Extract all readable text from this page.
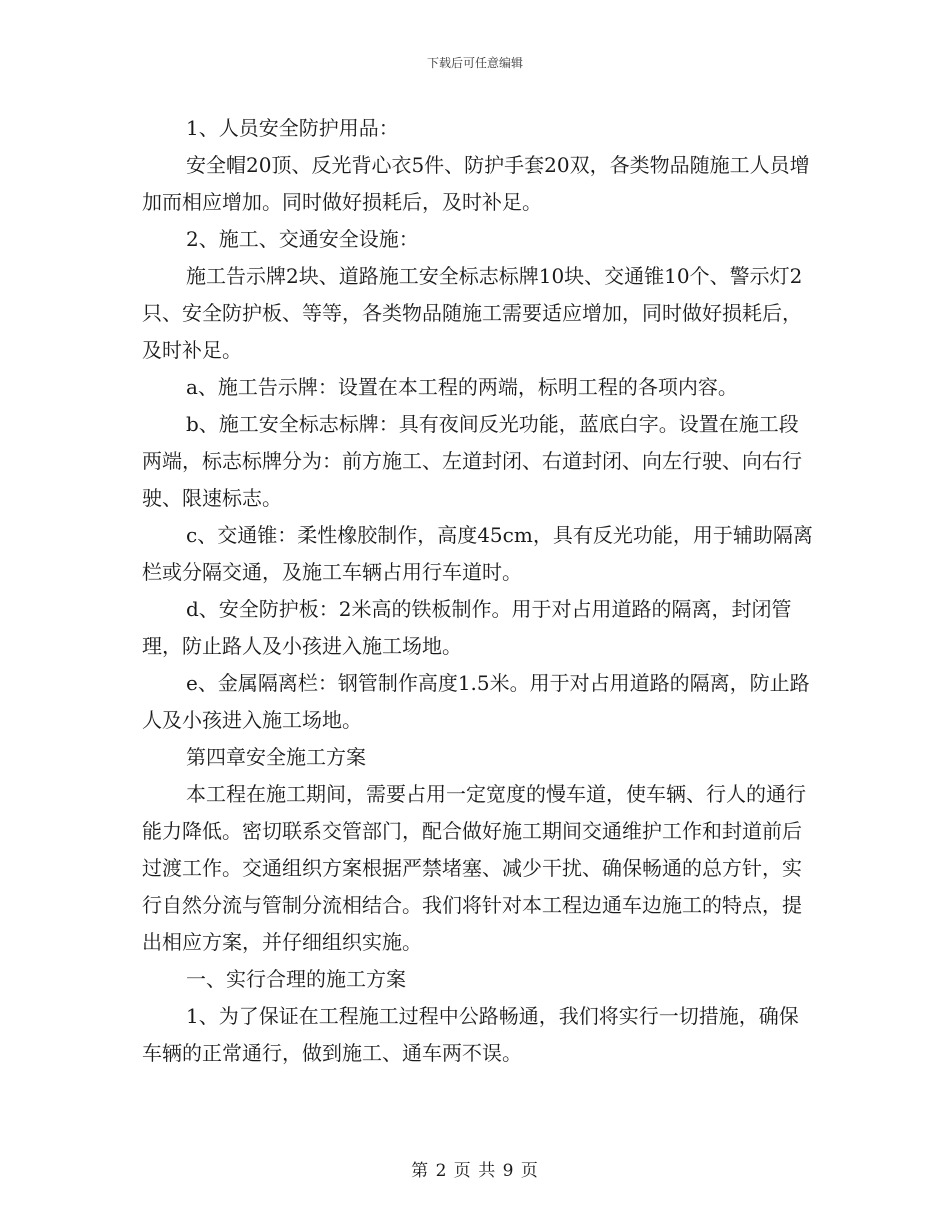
下载后可任意编辑

1、人员安全防护用品：

安全帽20顶、反光背心衣5件、防护手套20双，各类物品随施工人员增加而相应增加。同时做好损耗后，及时补足。

2、施工、交通安全设施：

施工告示牌2块、道路施工安全标志标牌10块、交通锥10个、警示灯2只、安全防护板、等等，各类物品随施工需要适应增加，同时做好损耗后，及时补足。

a、施工告示牌：设置在本工程的两端，标明工程的各项内容。

b、施工安全标志标牌：具有夜间反光功能，蓝底白字。设置在施工段两端，标志标牌分为：前方施工、左道封闭、右道封闭、向左行驶、向右行驶、限速标志。

c、交通锥：柔性橡胶制作，高度45cm，具有反光功能，用于辅助隔离栏或分隔交通，及施工车辆占用行车道时。

d、安全防护板：2米高的铁板制作。用于对占用道路的隔离，封闭管理，防止路人及小孩进入施工场地。

e、金属隔离栏：钢管制作高度1.5米。用于对占用道路的隔离，防止路人及小孩进入施工场地。

第四章安全施工方案

本工程在施工期间，需要占用一定宽度的慢车道，使车辆、行人的通行能力降低。密切联系交管部门，配合做好施工期间交通维护工作和封道前后过渡工作。交通组织方案根据严禁堵塞、减少干扰、确保畅通的总方针，实行自然分流与管制分流相结合。我们将针对本工程边通车边施工的特点，提出相应方案，并仔细组织实施。

一、实行合理的施工方案

1、为了保证在工程施工过程中公路畅通，我们将实行一切措施，确保车辆的正常通行，做到施工、通车两不误。

第 2 页 共 9 页
